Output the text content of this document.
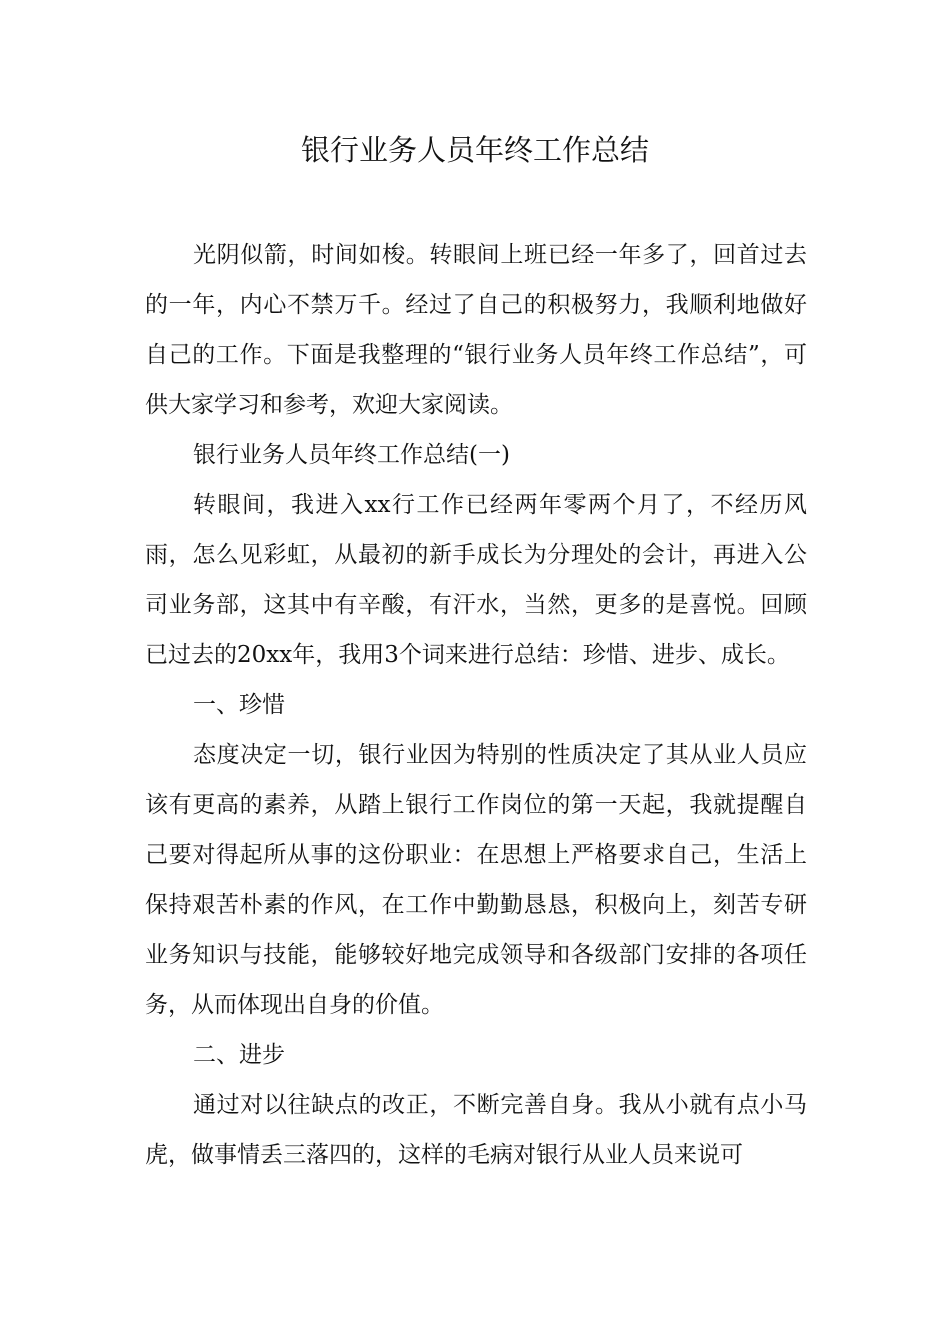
银行业务人员年终工作总结

光阴似箭，时间如梭。转眼间上班已经一年多了，回首过去的一年，内心不禁万千。经过了自己的积极努力，我顺利地做好自己的工作。下面是我整理的“银行业务人员年终工作总结”，可供大家学习和参考，欢迎大家阅读。

银行业务人员年终工作总结(一)

转眼间，我进入xx行工作已经两年零两个月了，不经历风雨，怎么见彩虹，从最初的新手成长为分理处的会计，再进入公司业务部，这其中有辛酸，有汗水，当然，更多的是喜悦。回顾已过去的20xx年，我用3个词来进行总结：珍惜、进步、成长。

一、珍惜

态度决定一切，银行业因为特别的性质决定了其从业人员应该有更高的素养，从踏上银行工作岗位的第一天起，我就提醒自己要对得起所从事的这份职业：在思想上严格要求自己，生活上保持艰苦朴素的作风，在工作中勤勤恳恳，积极向上，刻苦专研业务知识与技能，能够较好地完成领导和各级部门安排的各项任务，从而体现出自身的价值。

二、进步

通过对以往缺点的改正，不断完善自身。我从小就有点小马虎，做事情丢三落四的，这样的毛病对银行从业人员来说可
